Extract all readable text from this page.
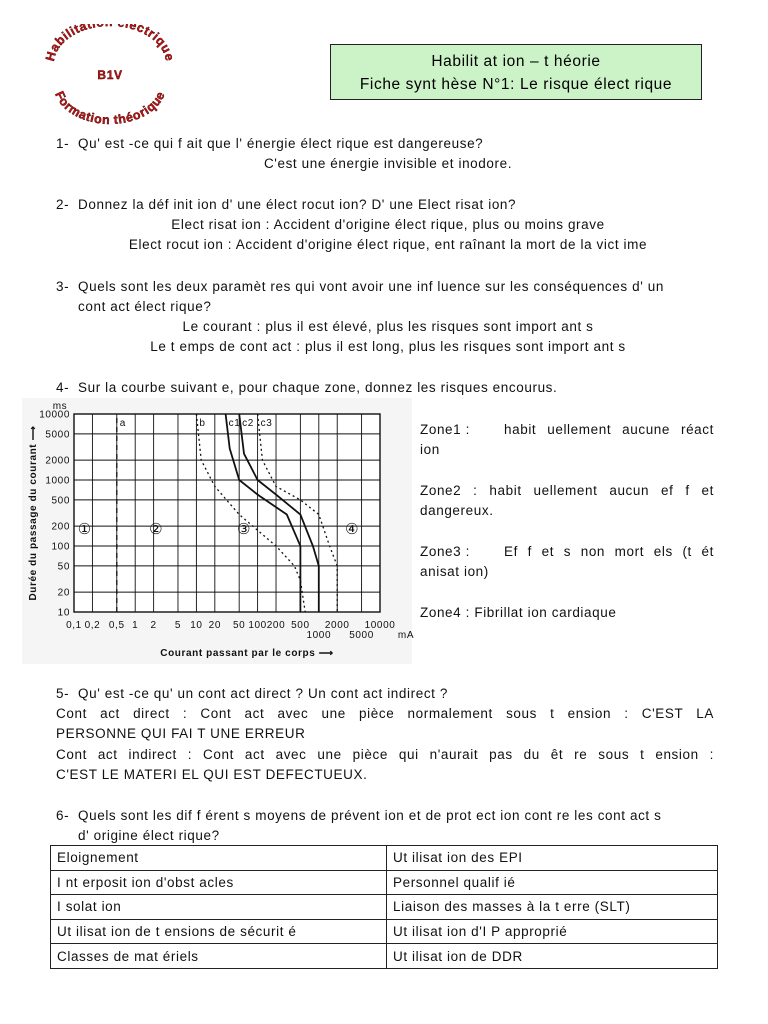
Habilitat ectrique
B1V
Formation théorique
Habilit at ion – t héorie
Fiche synt hèse N°1: Le risque élect rique
1- Qu' est -ce qui f ait que l' énergie élect rique est dangereuse?
C'est une énergie invisible et inodore.
2- Donnez la déf init ion d' une élect rocut ion? D' une Elect risat ion?
Elect risat ion : Accident d'origine élect rique, plus ou moins grave
Elect rocut ion : Accident d'origine élect rique, ent raînant la mort de la vict ime
3- Quels sont les deux paramèt res qui vont avoir une inf luence sur les conséquences d' un
cont act élect rique?
Le courant : plus il est élevé, plus les risques sont import ant s
Le t emps de cont act : plus il est long, plus les risques sont import ant s
4- Sur la courbe suivant e, pour chaque zone, donnez les risques encourus.
0,1 0,2 0,5 1 2 5 10 20 50 100 200 500
1000
2000
5000
10000
10
20
50
100
200
500
1000
2000
5000
10000
ms
mA
Courant passant par le corps ⟶
Durée du passage du courant ⟶
a	b c1 c2 c3
①	②	③	④
Zone1 :	habit uellement aucune réact ion
Zone2 : habit uellement aucun ef f et dangereux.
Zone3 :	Ef f et s non mort els (t ét anisat ion)
Zone4 : Fibrillat ion cardiaque
5- Qu' est -ce qu' un cont act direct ? Un cont act indirect ?
Cont act direct : Cont act avec une pièce normalement sous t ension : C'EST LA
PERSONNE QUI FAI T UNE ERREUR
Cont act indirect : Cont act avec une pièce qui n'aurait pas du êt re sous t ension :
C'EST LE MATERI EL QUI EST DEFECTUEUX.
6- Quels sont les dif f érent s moyens de prévent ion et de prot ect ion cont re les cont act s
d' origine élect rique?
Eloignement	Ut ilisat ion des EPI
I nt erposit ion d'obst acles	Personnel qualif ié
I solat ion	Liaison des masses à la t erre (SLT)
Ut ilisat ion de t ensions de sécurit é	Ut ilisat ion d'I P approprié
Classes de mat ériels	Ut ilisat ion de DDR
